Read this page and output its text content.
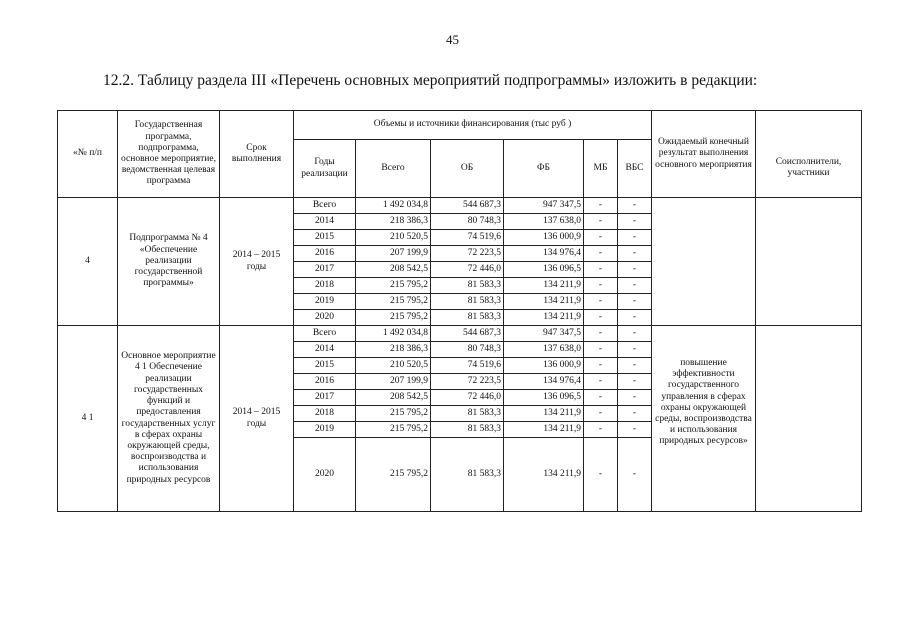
45
12.2. Таблицу раздела III «Перечень основных мероприятий подпрограммы» изложить в редакции:
«№ п/п	Государственная программа, подпрограмма, основное мероприятие, ведомственная целевая программа	Срок выполнения	Объемы и источники финансирования (тыс руб )						Ожидаемый конечный результат выполнения основного мероприятия	Соисполнители, участники
			Годы реализации	Всего	ОБ	ФБ	МБ	ВБС		
4	Подпрограмма № 4 «Обеспечение реализации государственной программы»	2014 – 2015 годы	Всего	1 492 034,8	544 687,3	947 347,5	-	-		
			2014	218 386,3	80 748,3	137 638,0	-	-		
			2015	210 520,5	74 519,6	136 000,9	-	-		
			2016	207 199,9	72 223,5	134 976,4	-	-		
			2017	208 542,5	72 446,0	136 096,5	-	-		
			2018	215 795,2	81 583,3	134 211,9	-	-		
			2019	215 795,2	81 583,3	134 211,9	-	-		
			2020	215 795,2	81 583,3	134 211,9	-	-		
4 1	Основное мероприятие 4 1 Обеспечение реализации государственных функций и предоставления государственных услуг в сферах охраны окружающей среды, воспроизводства и использования природных ресурсов	2014 – 2015 годы	Всего	1 492 034,8	544 687,3	947 347,5	-	-	повышение эффективности государственного управления в сферах охраны окружающей среды, воспроизводства и использования природных ресурсов»	
			2014	218 386,3	80 748,3	137 638,0	-	-		
			2015	210 520,5	74 519,6	136 000,9	-	-		
			2016	207 199,9	72 223,5	134 976,4	-	-		
			2017	208 542,5	72 446,0	136 096,5	-	-		
			2018	215 795,2	81 583,3	134 211,9	-	-		
			2019	215 795,2	81 583,3	134 211,9	-	-		
			2020	215 795,2	81 583,3	134 211,9	-	-		
